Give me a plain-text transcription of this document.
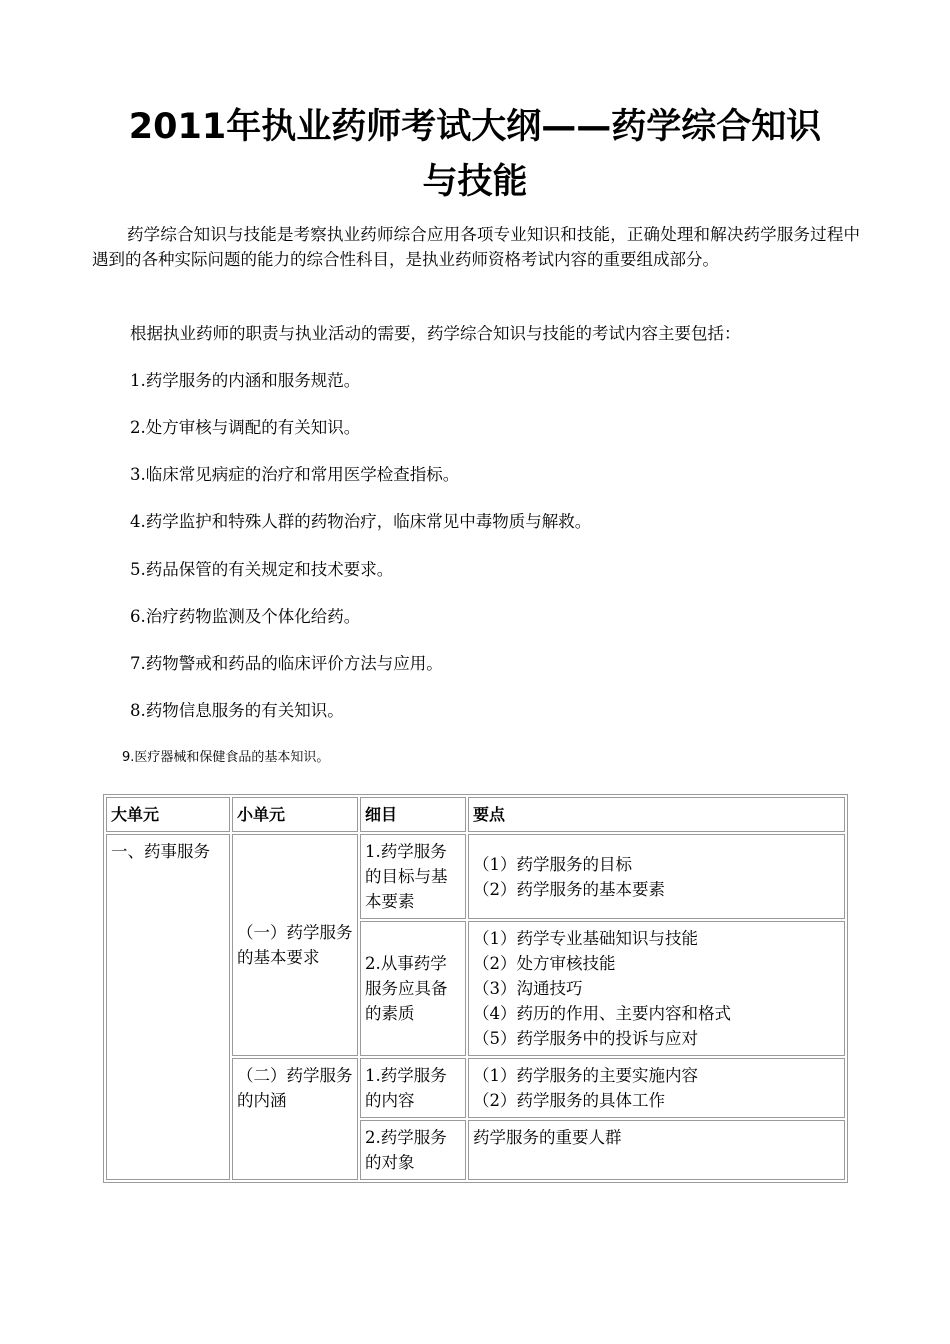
2011年执业药师考试大纲——药学综合知识
与技能

药学综合知识与技能是考察执业药师综合应用各项专业知识和技能，正确处理和解决药学服务过程中遇到的各种实际问题的能力的综合性科目，是执业药师资格考试内容的重要组成部分。

根据执业药师的职责与执业活动的需要，药学综合知识与技能的考试内容主要包括：
1.药学服务的内涵和服务规范。
2.处方审核与调配的有关知识。
3.临床常见病症的治疗和常用医学检查指标。
4.药学监护和特殊人群的药物治疗，临床常见中毒物质与解救。
5.药品保管的有关规定和技术要求。
6.治疗药物监测及个体化给药。
7.药物警戒和药品的临床评价方法与应用。
8.药物信息服务的有关知识。
9.医疗器械和保健食品的基本知识。
大单元	小单元	细目	要点
一、药事服务	（一）药学服务的基本要求	1.药学服务的目标与基本要素	（1）药学服务的目标
（2）药学服务的基本要素

		2.从事药学服务应具备的素质	（1）药学专业基础知识与技能
（2）处方审核技能
（3）沟通技巧
（4）药历的作用、主要内容和格式
（5）药学服务中的投诉与应对

	（二）药学服务的内涵	1.药学服务的内容	（1）药学服务的主要实施内容
（2）药学服务的具体工作

		2.药学服务的对象	药学服务的重要人群
